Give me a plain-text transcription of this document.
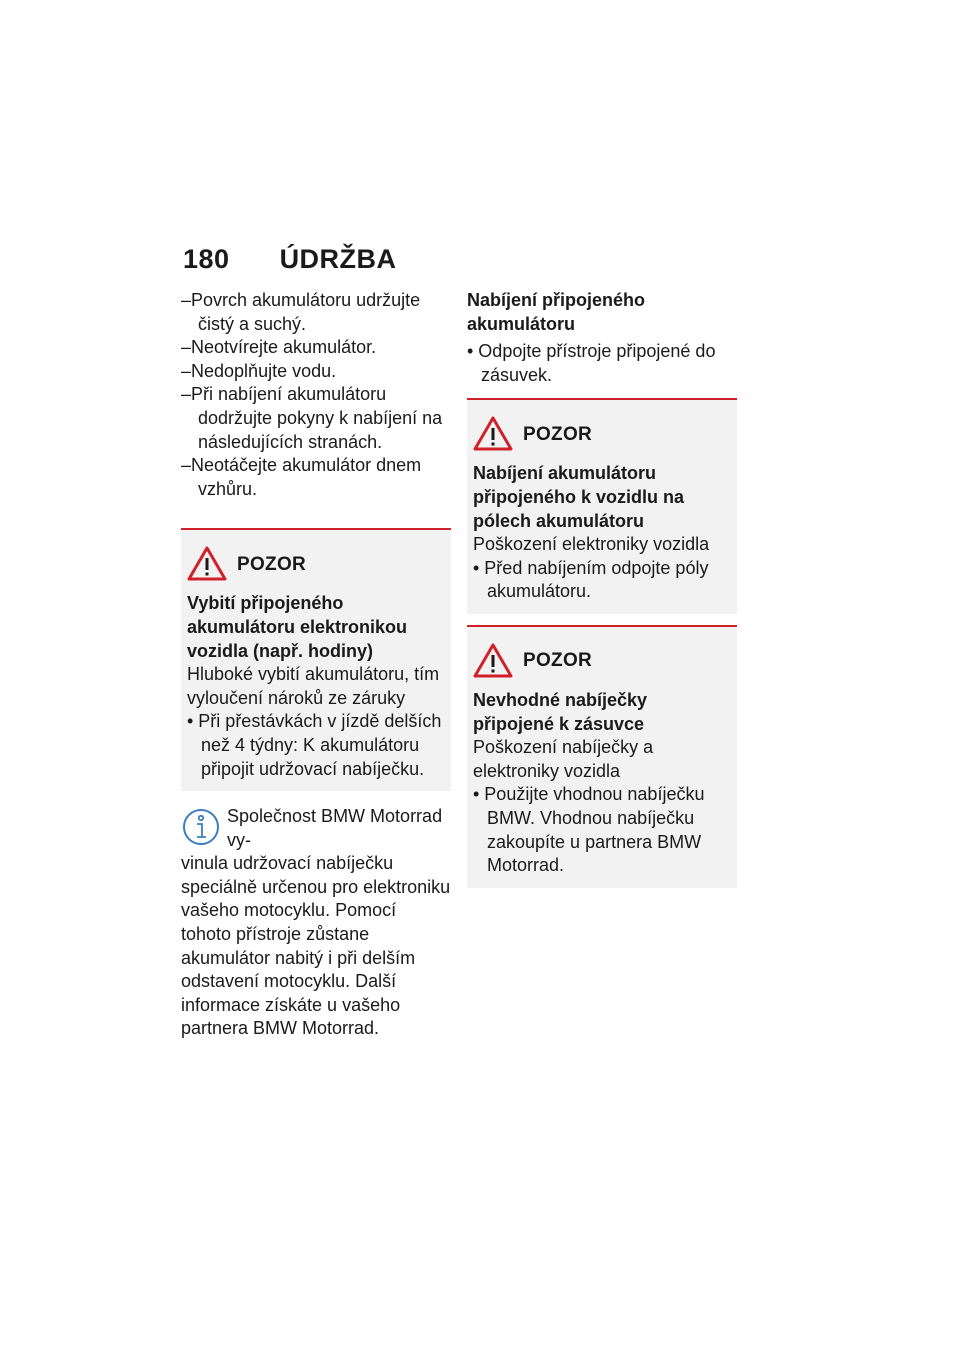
180 ÚDRŽBA

–Povrch akumulátoru udržujte čistý a suchý.

–Neotvírejte akumulátor.

–Nedoplňujte vodu.

–Při nabíjení akumulátoru dodržujte pokyny k nabíjení na následujících stranách.

–Neotáčejte akumulátor dnem vzhůru.

POZOR

Vybití připojeného akumulátoru elektronikou vozidla (např. hodiny)

Hluboké vybití akumulátoru, tím vyloučení nároků ze záruky

• Při přestávkách v jízdě delších než 4 týdny: K akumulátoru připojit udržovací nabíječku.

Společnost BMW Motorrad vy-

vinula udržovací nabíječku speciálně určenou pro elektroniku vašeho motocyklu. Pomocí tohoto přístroje zůstane akumulátor nabitý i při delším odstavení motocyklu. Další informace získáte u vašeho partnera BMW Motorrad.

Nabíjení připojeného akumulátoru

• Odpojte přístroje připojené do zásuvek.

POZOR

Nabíjení akumulátoru připojeného k vozidlu na pólech akumulátoru

Poškození elektroniky vozidla

• Před nabíjením odpojte póly akumulátoru.

POZOR

Nevhodné nabíječky připojené k zásuvce

Poškození nabíječky a elektroniky vozidla

• Použijte vhodnou nabíječku BMW. Vhodnou nabíječku zakoupíte u partnera BMW Motorrad.
